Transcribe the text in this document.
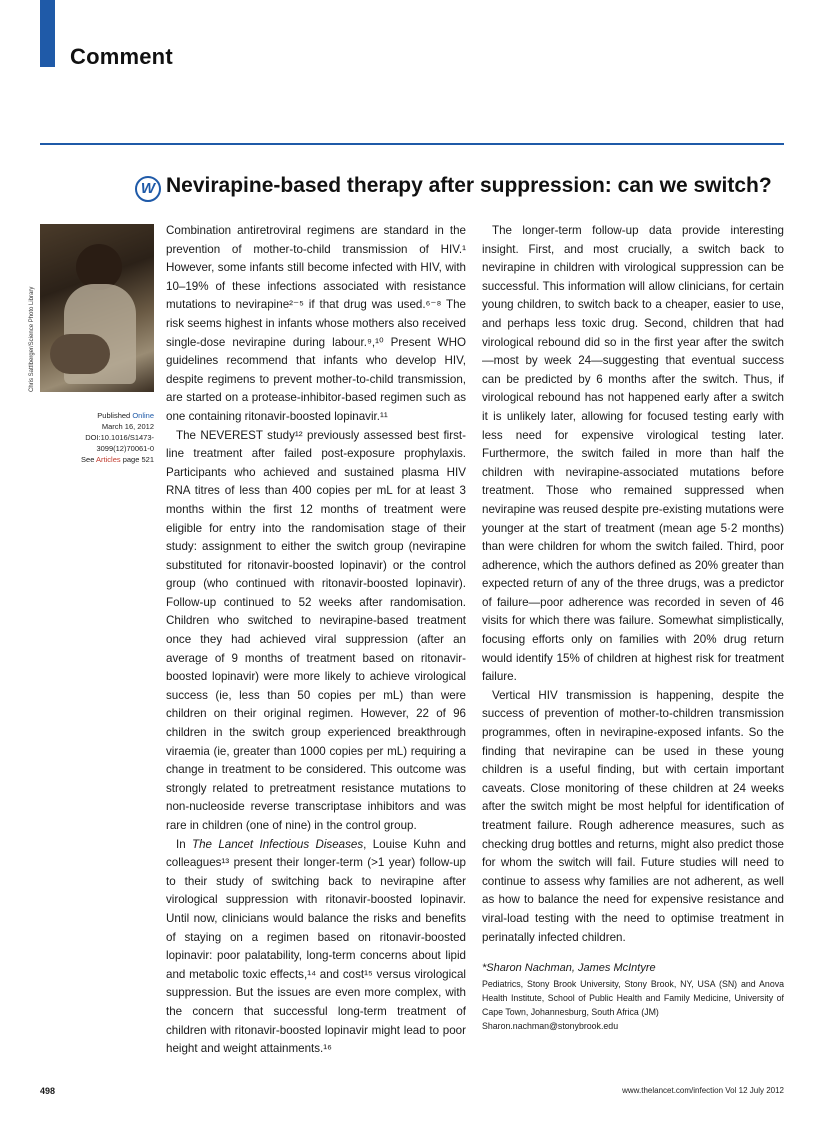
Comment
W Nevirapine-based therapy after suppression: can we switch?
Chris Sattlberger/Science Photo Library
Published Online
March 16, 2012
DOI:10.1016/S1473-3099(12)70061-0
See Articles page 521

Combination antiretroviral regimens are standard in the prevention of mother-to-child transmission of HIV.¹ However, some infants still become infected with HIV, with 10–19% of these infections associated with resistance mutations to nevirapine²⁻⁵ if that drug was used.⁶⁻⁸ The risk seems highest in infants whose mothers also received single-dose nevirapine during labour.⁹,¹⁰ Present WHO guidelines recommend that infants who develop HIV, despite regimens to prevent mother-to-child transmission, are started on a protease-inhibitor-based regimen such as one containing ritonavir-boosted lopinavir.¹¹

The NEVEREST study¹² previously assessed best first-line treatment after failed post-exposure prophylaxis. Participants who achieved and sustained plasma HIV RNA titres of less than 400 copies per mL for at least 3 months within the first 12 months of treatment were eligible for entry into the randomisation stage of their study: assignment to either the switch group (nevirapine substituted for ritonavir-boosted lopinavir) or the control group (who continued with ritonavir-boosted lopinavir). Follow-up continued to 52 weeks after randomisation. Children who switched to nevirapine-based treatment once they had achieved viral suppression (after an average of 9 months of treatment based on ritonavir-boosted lopinavir) were more likely to achieve virological success (ie, less than 50 copies per mL) than were children on their original regimen. However, 22 of 96 children in the switch group experienced breakthrough viraemia (ie, greater than 1000 copies per mL) requiring a change in treatment to be considered. This outcome was strongly related to pretreatment resistance mutations to non-nucleoside reverse transcriptase inhibitors and was rare in children (one of nine) in the control group.

In The Lancet Infectious Diseases, Louise Kuhn and colleagues¹³ present their longer-term (>1 year) follow-up to their study of switching back to nevirapine after virological suppression with ritonavir-boosted lopinavir. Until now, clinicians would balance the risks and benefits of staying on a regimen based on ritonavir-boosted lopinavir: poor palatability, long-term concerns about lipid and metabolic toxic effects,¹⁴ and cost¹⁵ versus virological suppression. But the issues are even more complex, with the concern that successful long-term treatment of children with ritonavir-boosted lopinavir might lead to poor height and weight attainments.¹⁶

The longer-term follow-up data provide interesting insight. First, and most crucially, a switch back to nevirapine in children with virological suppression can be successful. This information will allow clinicians, for certain young children, to switch back to a cheaper, easier to use, and perhaps less toxic drug. Second, children that had virological rebound did so in the first year after the switch—most by week 24—suggesting that eventual success can be predicted by 6 months after the switch. Thus, if virological rebound has not happened early after a switch it is unlikely later, allowing for focused testing early with less need for expensive virological testing later. Furthermore, the switch failed in more than half the children with nevirapine-associated mutations before treatment. Those who remained suppressed when nevirapine was reused despite pre-existing mutations were younger at the start of treatment (mean age 5·2 months) than were children for whom the switch failed. Third, poor adherence, which the authors defined as 20% greater than expected return of any of the three drugs, was a predictor of failure—poor adherence was recorded in seven of 46 visits for which there was failure. Somewhat simplistically, focusing efforts only on families with 20% drug return would identify 15% of children at highest risk for treatment failure.

Vertical HIV transmission is happening, despite the success of prevention of mother-to-children transmission programmes, often in nevirapine-exposed infants. So the finding that nevirapine can be used in these young children is a useful finding, but with certain important caveats. Close monitoring of these children at 24 weeks after the switch might be most helpful for identification of treatment failure. Rough adherence measures, such as checking drug bottles and returns, might also predict those for whom the switch will fail. Future studies will need to continue to assess why families are not adherent, as well as how to balance the need for expensive resistance and viral-load testing with the need to optimise treatment in perinatally infected children.

*Sharon Nachman, James McIntyre
Pediatrics, Stony Brook University, Stony Brook, NY, USA (SN) and Anova Health Institute, School of Public Health and Family Medicine, University of Cape Town, Johannesburg, South Africa (JM)
Sharon.nachman@stonybrook.edu
498	www.thelancet.com/infection Vol 12 July 2012
